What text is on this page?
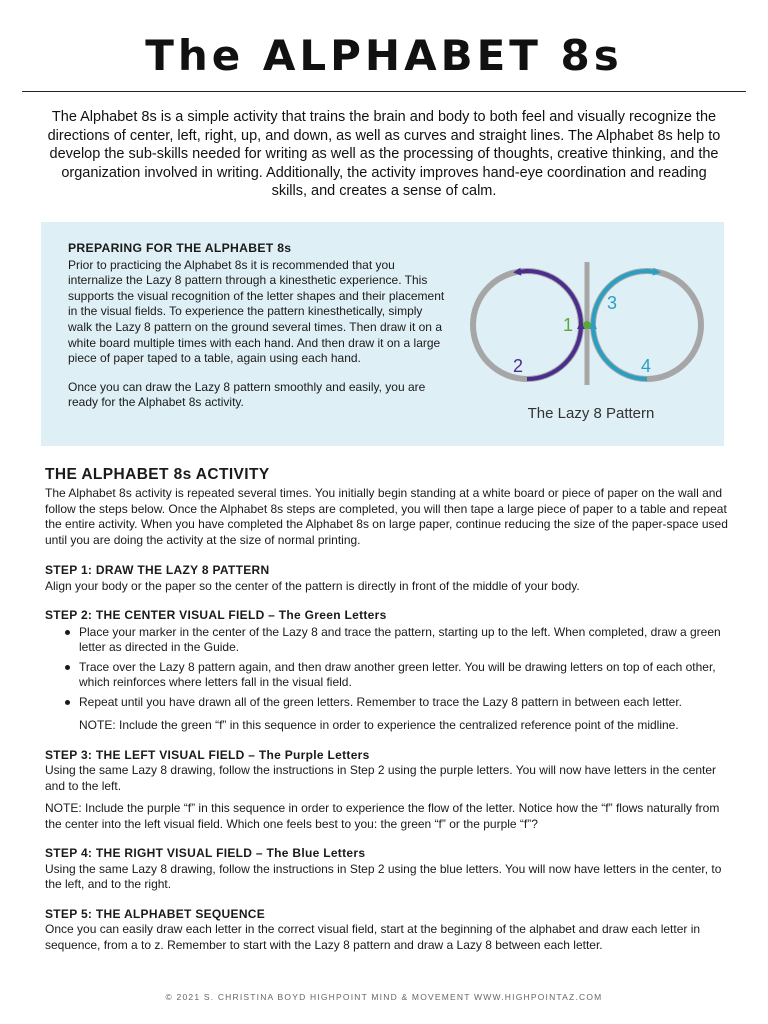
The ALPHABET 8s

The Alphabet 8s is a simple activity that trains the brain and body to both feel and visually recognize the directions of center, left, right, up, and down, as well as curves and straight lines. The Alphabet 8s help to develop the sub-skills needed for writing as well as the processing of thoughts, creative thinking, and the organization involved in writing. Additionally, the activity improves hand-eye coordination and reading skills, and creates a sense of calm.

PREPARING FOR THE ALPHABET 8s

Prior to practicing the Alphabet 8s it is recommended that you internalize the Lazy 8 pattern through a kinesthetic experience. This supports the visual recognition of the letter shapes and their placement in the visual fields. To experience the pattern kinesthetically, simply walk the Lazy 8 pattern on the ground several times. Then draw it on a white board multiple times with each hand. And then draw it on a large piece of paper taped to a table, again using each hand.

Once you can draw the Lazy 8 pattern smoothly and easily, you are ready for the Alphabet 8s activity.

1
2
3
4
The Lazy 8 Pattern

THE ALPHABET 8s ACTIVITY

The Alphabet 8s activity is repeated several times. You initially begin standing at a white board or piece of paper on the wall and follow the steps below. Once the Alphabet 8s steps are completed, you will then tape a large piece of paper to a table and repeat the entire activity. When you have completed the Alphabet 8s on large paper, continue reducing the size of the paper-space used until you are doing the activity at the size of normal printing.

STEP 1: DRAW THE LAZY 8 PATTERN

Align your body or the paper so the center of the pattern is directly in front of the middle of your body.

STEP 2: THE CENTER VISUAL FIELD – The Green Letters

Place your marker in the center of the Lazy 8 and trace the pattern, starting up to the left. When completed, draw a green letter as directed in the Guide.
Trace over the Lazy 8 pattern again, and then draw another green letter. You will be drawing letters on top of each other, which reinforces where letters fall in the visual field.
Repeat until you have drawn all of the green letters. Remember to trace the Lazy 8 pattern in between each letter.

NOTE: Include the green “f” in this sequence in order to experience the centralized reference point of the midline.

STEP 3: THE LEFT VISUAL FIELD – The Purple Letters

Using the same Lazy 8 drawing, follow the instructions in Step 2 using the purple letters. You will now have letters in the center and to the left.

NOTE: Include the purple “f” in this sequence in order to experience the flow of the letter. Notice how the “f” flows naturally from the center into the left visual field. Which one feels best to you: the green “f” or the purple “f”?

STEP 4: THE RIGHT VISUAL FIELD – The Blue Letters

Using the same Lazy 8 drawing, follow the instructions in Step 2 using the blue letters. You will now have letters in the center, to the left, and to the right.

STEP 5: THE ALPHABET SEQUENCE

Once you can easily draw each letter in the correct visual field, start at the beginning of the alphabet and draw each letter in sequence, from a to z. Remember to start with the Lazy 8 pattern and draw a Lazy 8 between each letter.

© 2021 S. CHRISTINA BOYD HIGHPOINT MIND & MOVEMENT WWW.HIGHPOINTAZ.COM
